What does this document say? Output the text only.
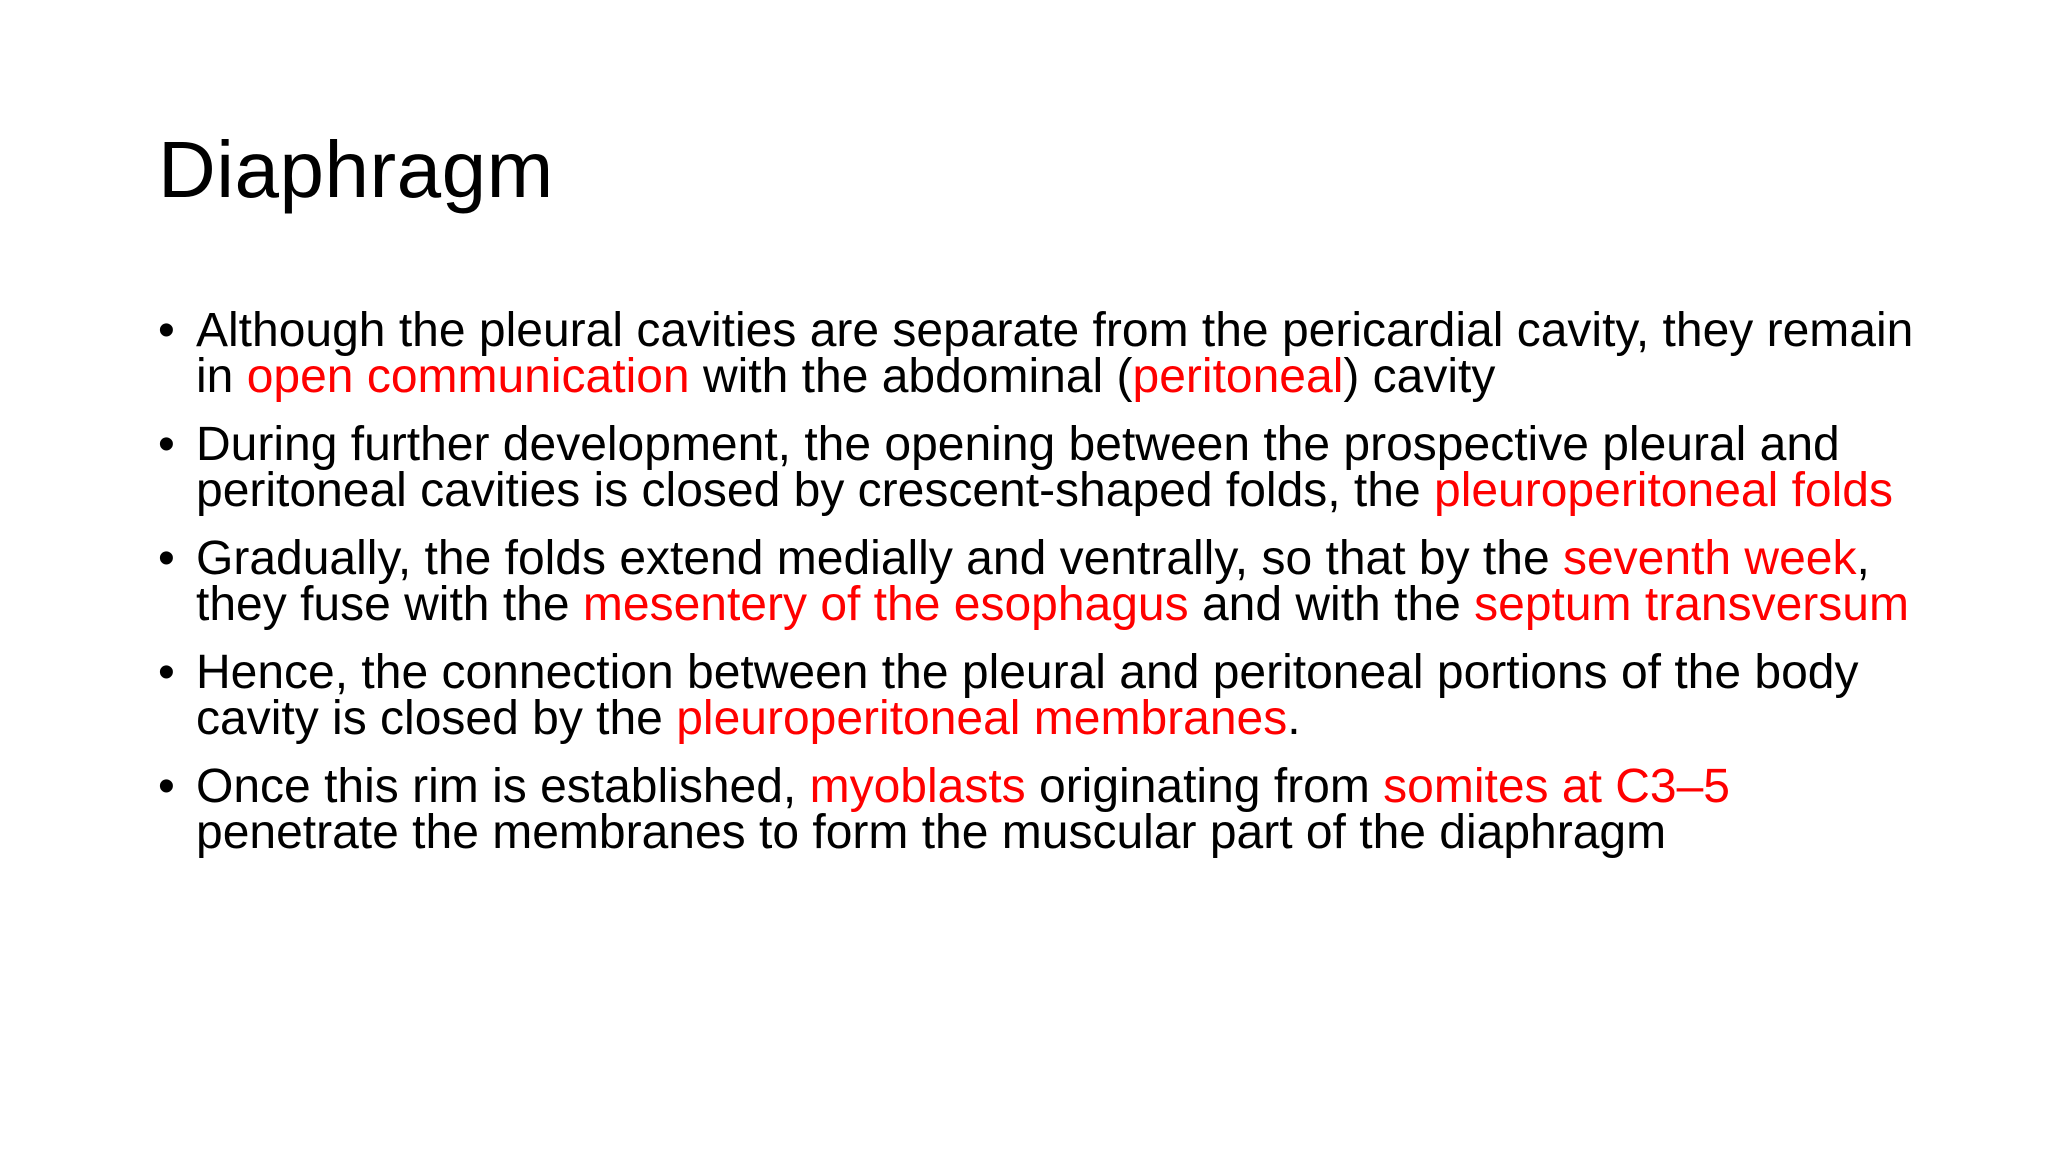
Diaphragm
• Although the pleural cavities are separate from the pericardial cavity, they remain in open communication with the abdominal (peritoneal) cavity
• During further development, the opening between the prospective pleural and peritoneal cavities is closed by crescent-shaped folds, the pleuroperitoneal folds
• Gradually, the folds extend medially and ventrally, so that by the seventh week, they fuse with the mesentery of the esophagus and with the septum transversum
• Hence, the connection between the pleural and peritoneal portions of the body cavity is closed by the pleuroperitoneal membranes.
• Once this rim is established, myoblasts originating from somites at C3–5 penetrate the membranes to form the muscular part of the diaphragm
